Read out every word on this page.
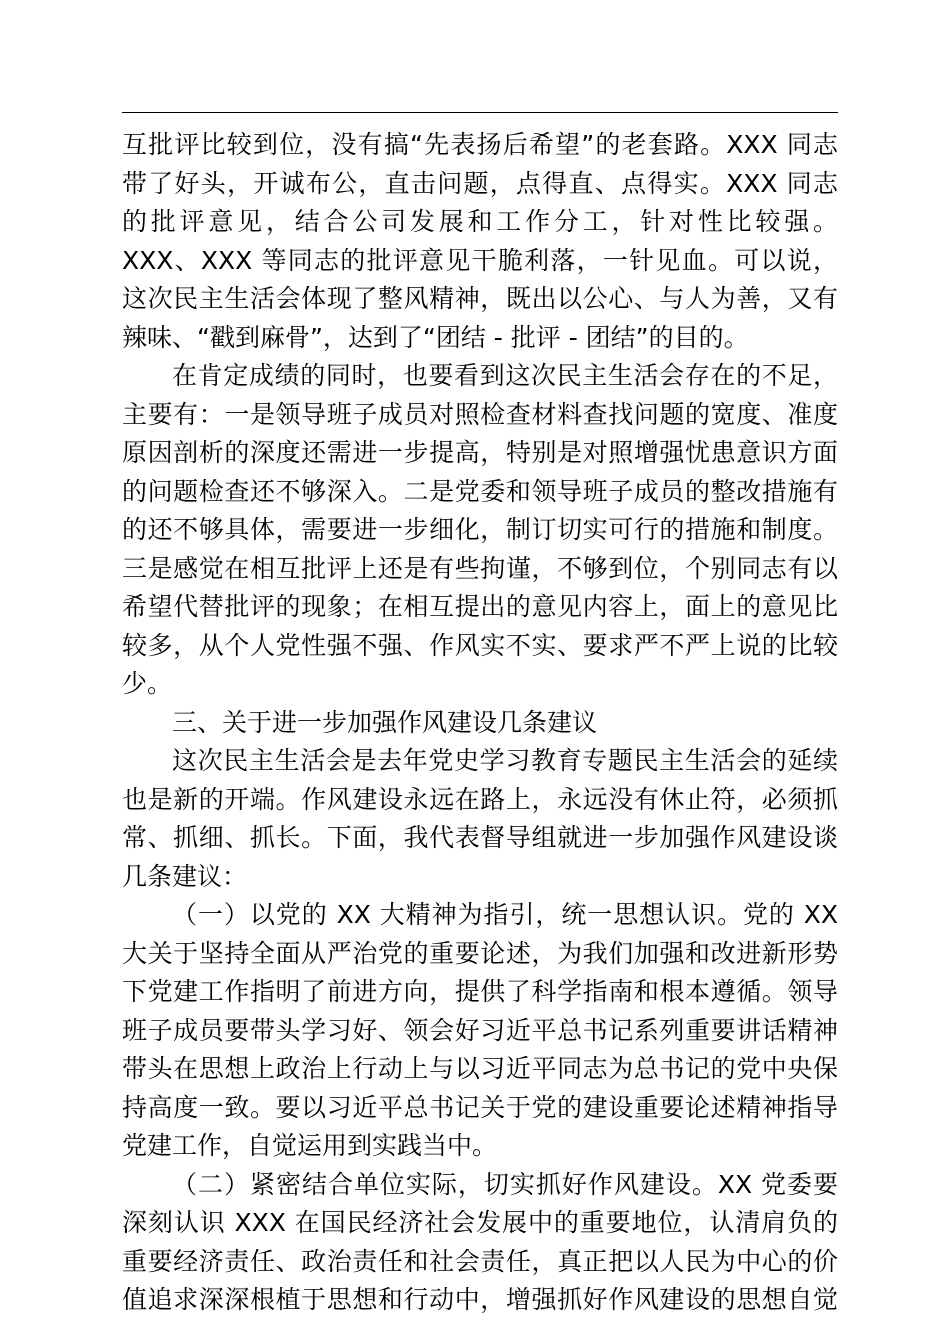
互批评比较到位，没有搞“先表扬后希望”的老套路。XXX 同志
带了好头，开诚布公，直击问题，点得直、点得实。XXX 同志
的批评意见，结合公司发展和工作分工，针对性比较强。
XXX、XXX 等同志的批评意见干脆利落，一针见血。可以说，
这次民主生活会体现了整风精神，既出以公心、与人为善，又有
辣味、“戳到麻骨”，达到了“团结 - 批评 - 团结”的目的。
在肯定成绩的同时，也要看到这次民主生活会存在的不足，
主要有：一是领导班子成员对照检查材料查找问题的宽度、准度
原因剖析的深度还需进一步提高，特别是对照增强忧患意识方面
的问题检查还不够深入。二是党委和领导班子成员的整改措施有
的还不够具体，需要进一步细化，制订切实可行的措施和制度。
三是感觉在相互批评上还是有些拘谨，不够到位，个别同志有以
希望代替批评的现象；在相互提出的意见内容上，面上的意见比
较多，从个人党性强不强、作风实不实、要求严不严上说的比较
少。
三、关于进一步加强作风建设几条建议
这次民主生活会是去年党史学习教育专题民主生活会的延续
也是新的开端。作风建设永远在路上，永远没有休止符，必须抓
常、抓细、抓长。下面，我代表督导组就进一步加强作风建设谈
几条建议：
（一）以党的 XX 大精神为指引，统一思想认识。党的 XX
大关于坚持全面从严治党的重要论述，为我们加强和改进新形势
下党建工作指明了前进方向，提供了科学指南和根本遵循。领导
班子成员要带头学习好、领会好习近平总书记系列重要讲话精神
带头在思想上政治上行动上与以习近平同志为总书记的党中央保
持高度一致。要以习近平总书记关于党的建设重要论述精神指导
党建工作，自觉运用到实践当中。
（二）紧密结合单位实际，切实抓好作风建设。XX 党委要
深刻认识 XXX 在国民经济社会发展中的重要地位，认清肩负的
重要经济责任、政治责任和社会责任，真正把以人民为中心的价
值追求深深根植于思想和行动中，增强抓好作风建设的思想自觉
